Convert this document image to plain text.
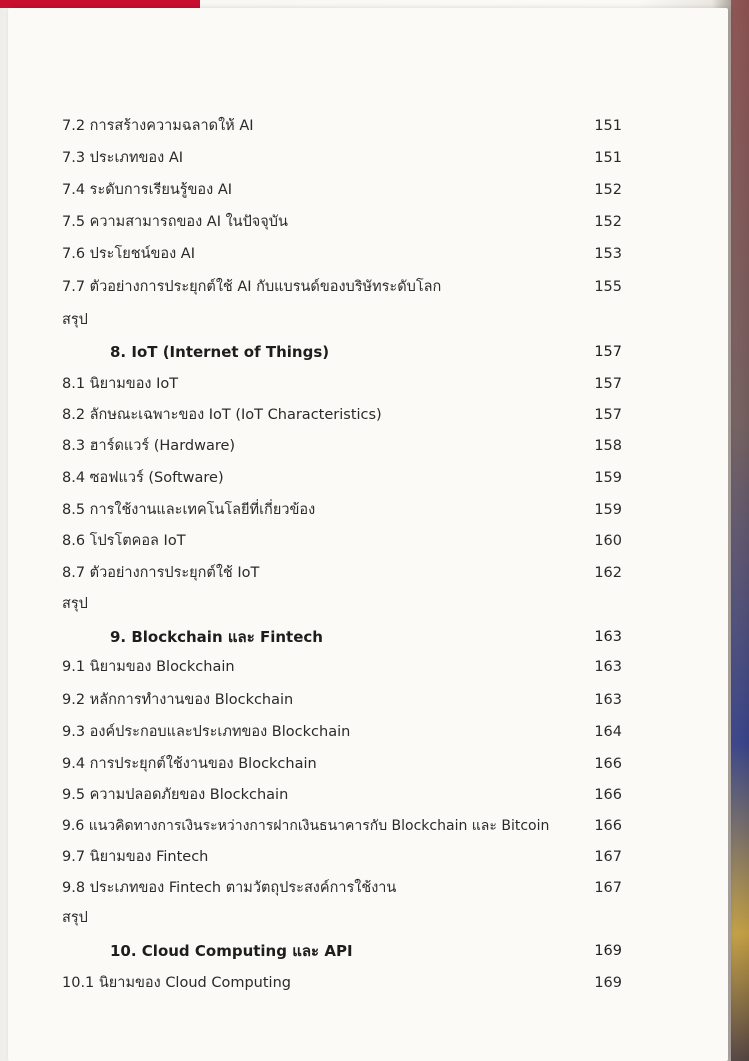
7.2 การสร้างความฉลาดให้ AI	151
7.3 ประเภทของ AI	151
7.4 ระดับการเรียนรู้ของ AI	152
7.5 ความสามารถของ AI ในปัจจุบัน	152
7.6 ประโยชน์ของ AI	153
7.7 ตัวอย่างการประยุกต์ใช้ AI กับแบรนด์ของบริษัทระดับโลก	155
สรุป
8. IoT (Internet of Things)	157
8.1 นิยามของ IoT	157
8.2 ลักษณะเฉพาะของ IoT (IoT Characteristics)	157
8.3 ฮาร์ดแวร์ (Hardware)	158
8.4 ซอฟแวร์ (Software)	159
8.5 การใช้งานและเทคโนโลยีที่เกี่ยวข้อง	159
8.6 โปรโตคอล IoT	160
8.7 ตัวอย่างการประยุกต์ใช้ IoT	162
สรุป
9. Blockchain และ Fintech	163
9.1 นิยามของ Blockchain	163
9.2 หลักการทำงานของ Blockchain	163
9.3 องค์ประกอบและประเภทของ Blockchain	164
9.4 การประยุกต์ใช้งานของ Blockchain	166
9.5 ความปลอดภัยของ Blockchain	166
9.6 แนวคิดทางการเงินระหว่างการฝากเงินธนาคารกับ Blockchain และ Bitcoin	166
9.7 นิยามของ Fintech	167
9.8 ประเภทของ Fintech ตามวัตถุประสงค์การใช้งาน	167
สรุป
10. Cloud Computing และ API	169
10.1 นิยามของ Cloud Computing	169
